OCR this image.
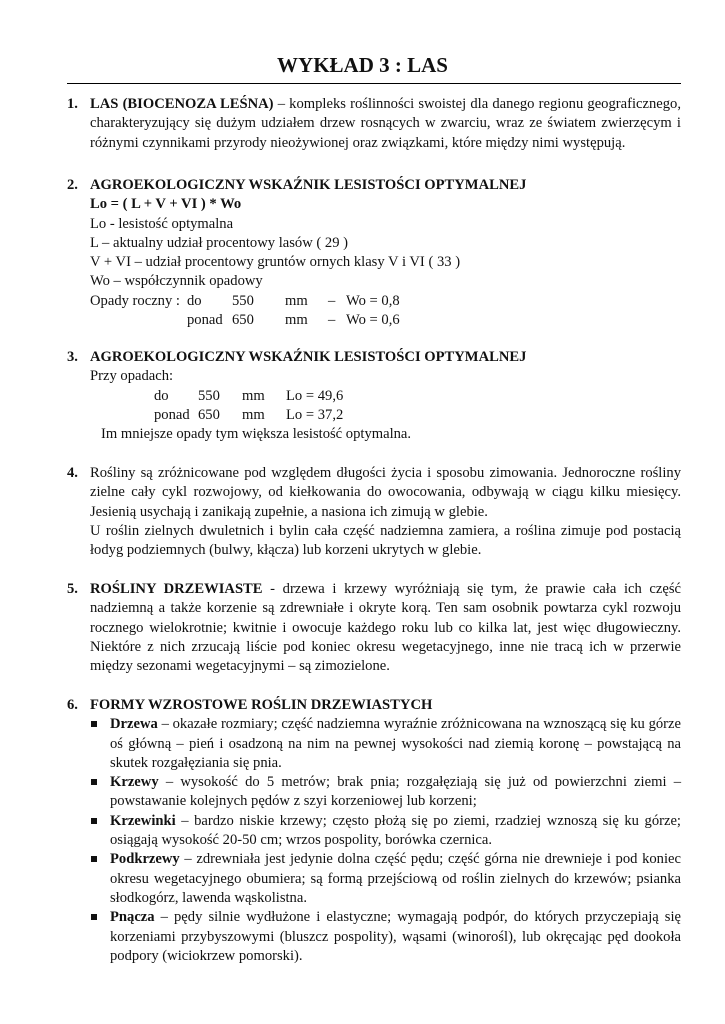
WYKŁAD 3 : LAS
1. LAS (BIOCENOZA LEŚNA) – kompleks roślinności swoistej dla danego regionu geograficznego, charakteryzujący się dużym udziałem drzew rosnących w zwarciu, wraz ze światem zwierzęcym i różnymi czynnikami przyrody nieożywionej oraz związkami, które między nimi występują.

2. AGROEKOLOGICZNY WSKAŹNIK LESISTOŚCI OPTYMALNEJ

Lo = ( L + V + VI ) * Wo

Lo - lesistość optymalna

L – aktualny udział procentowy lasów ( 29 )

V + VI – udział procentowy gruntów ornych klasy V i VI ( 33 )

Wo – współczynnik opadowy

Opady roczny : do 550 mm – Wo = 0,8
ponad 650 mm – Wo = 0,6
3. AGROEKOLOGICZNY WSKAŹNIK LESISTOŚCI OPTYMALNEJ

Przy opadach:

do 550 mm Lo = 49,6
ponad 650 mm Lo = 37,2

Im mniejsze opady tym większa lesistość optymalna.

4. Rośliny są zróżnicowane pod względem długości życia i sposobu zimowania. Jednoroczne rośliny zielne cały cykl rozwojowy, od kiełkowania do owocowania, odbywają w ciągu kilku miesięcy. Jesienią usychają i zanikają zupełnie, a nasiona ich zimują w glebie.

U roślin zielnych dwuletnich i bylin cała część nadziemna zamiera, a roślina zimuje pod postacią łodyg podziemnych (bulwy, kłącza) lub korzeni ukrytych w glebie.

5. ROŚLINY DRZEWIASTE - drzewa i krzewy wyróżniają się tym, że prawie cała ich część nadziemną a także korzenie są zdrewniałe i okryte korą. Ten sam osobnik powtarza cykl rozwoju rocznego wielokrotnie; kwitnie i owocuje każdego roku lub co kilka lat, jest więc długowieczny. Niektóre z nich zrzucają liście pod koniec okresu wegetacyjnego, inne nie tracą ich w przerwie między sezonami wegetacyjnymi – są zimozielone.

6. FORMY WZROSTOWE ROŚLIN DRZEWIASTYCH

Drzewa – okazałe rozmiary; część nadziemna wyraźnie zróżnicowana na wznoszącą się ku górze oś główną – pień i osadzoną na nim na pewnej wysokości nad ziemią koronę – powstającą na skutek rozgałęziania się pnia.
Krzewy – wysokość do 5 metrów; brak pnia; rozgałęziają się już od powierzchni ziemi – powstawanie kolejnych pędów z szyi korzeniowej lub korzeni;
Krzewinki – bardzo niskie krzewy; często płożą się po ziemi, rzadziej wznoszą się ku górze; osiągają wysokość 20-50 cm; wrzos pospolity, borówka czernica.
Podkrzewy – zdrewniała jest jedynie dolna część pędu; część górna nie drewnieje i pod koniec okresu wegetacyjnego obumiera; są formą przejściową od roślin zielnych do krzewów; psianka słodkogórz, lawenda wąskolistna.
Pnącza – pędy silnie wydłużone i elastyczne; wymagają podpór, do których przyczepiają się korzeniami przybyszowymi (bluszcz pospolity), wąsami (winorośl), lub okręcając pęd dookoła podpory (wiciokrzew pomorski).
